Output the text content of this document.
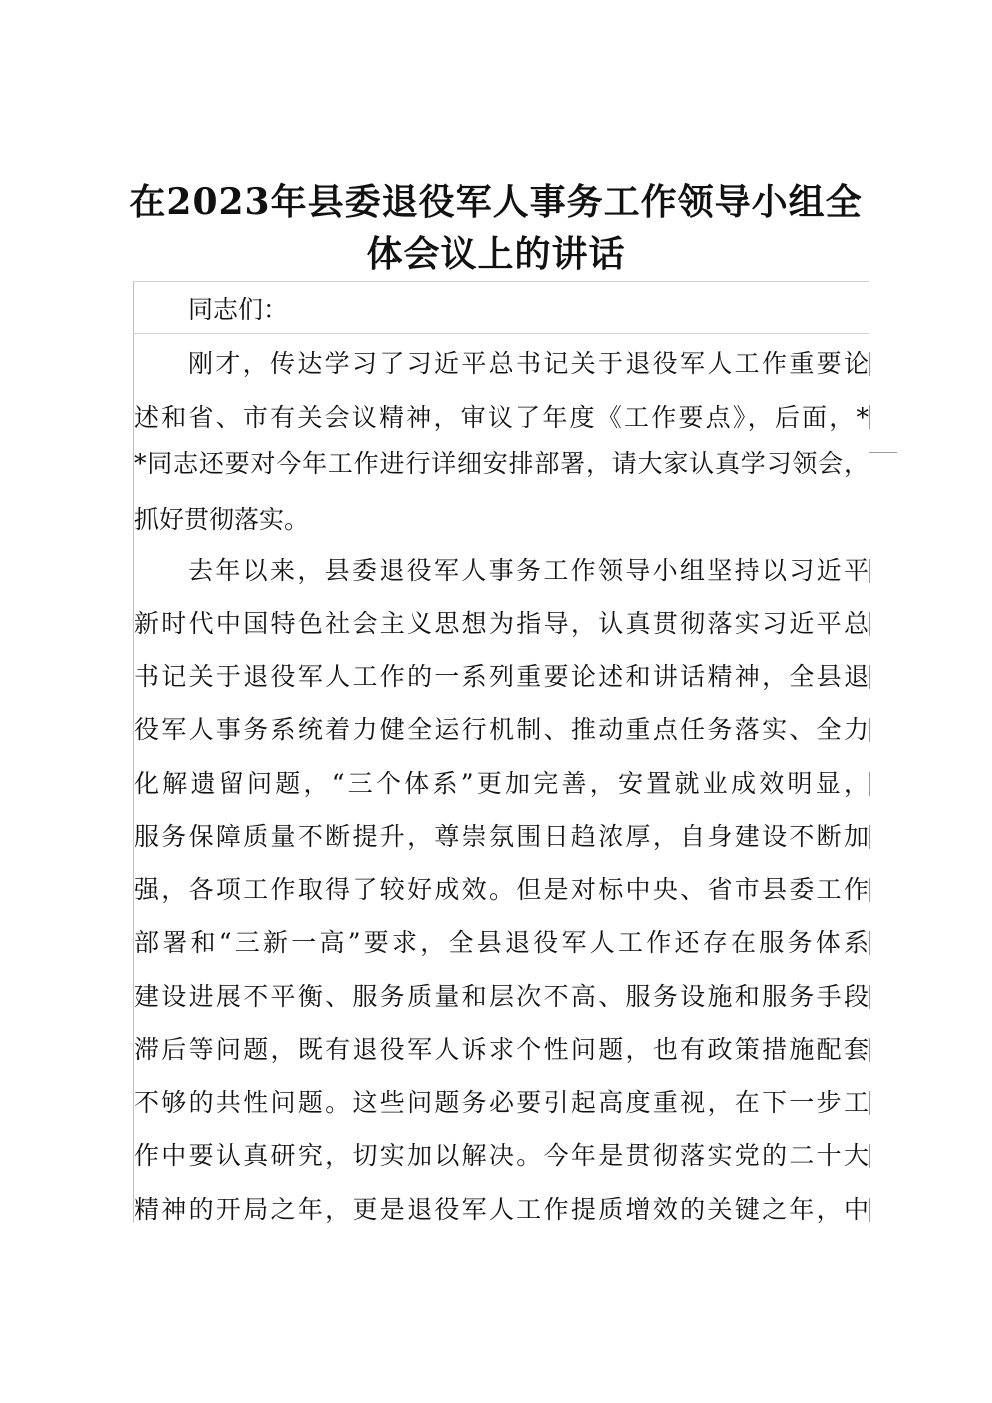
在2023年县委退役军人事务工作领导小组全
体会议上的讲话
同志们：
刚才，传达学习了习近平总书记关于退役军人工作重要论
述和省、市有关会议精神，审议了年度《工作要点》，后面，*
*同志还要对今年工作进行详细安排部署，请大家认真学习领会，
抓好贯彻落实。
去年以来，县委退役军人事务工作领导小组坚持以习近平
新时代中国特色社会主义思想为指导，认真贯彻落实习近平总
书记关于退役军人工作的一系列重要论述和讲话精神，全县退
役军人事务系统着力健全运行机制、推动重点任务落实、全力
化解遗留问题，“三个体系”更加完善，安置就业成效明显，
服务保障质量不断提升，尊崇氛围日趋浓厚，自身建设不断加
强，各项工作取得了较好成效。但是对标中央、省市县委工作
部署和“三新一高”要求，全县退役军人工作还存在服务体系
建设进展不平衡、服务质量和层次不高、服务设施和服务手段
滞后等问题，既有退役军人诉求个性问题，也有政策措施配套
不够的共性问题。这些问题务必要引起高度重视，在下一步工
作中要认真研究，切实加以解决。今年是贯彻落实党的二十大
精神的开局之年，更是退役军人工作提质增效的关键之年，中
